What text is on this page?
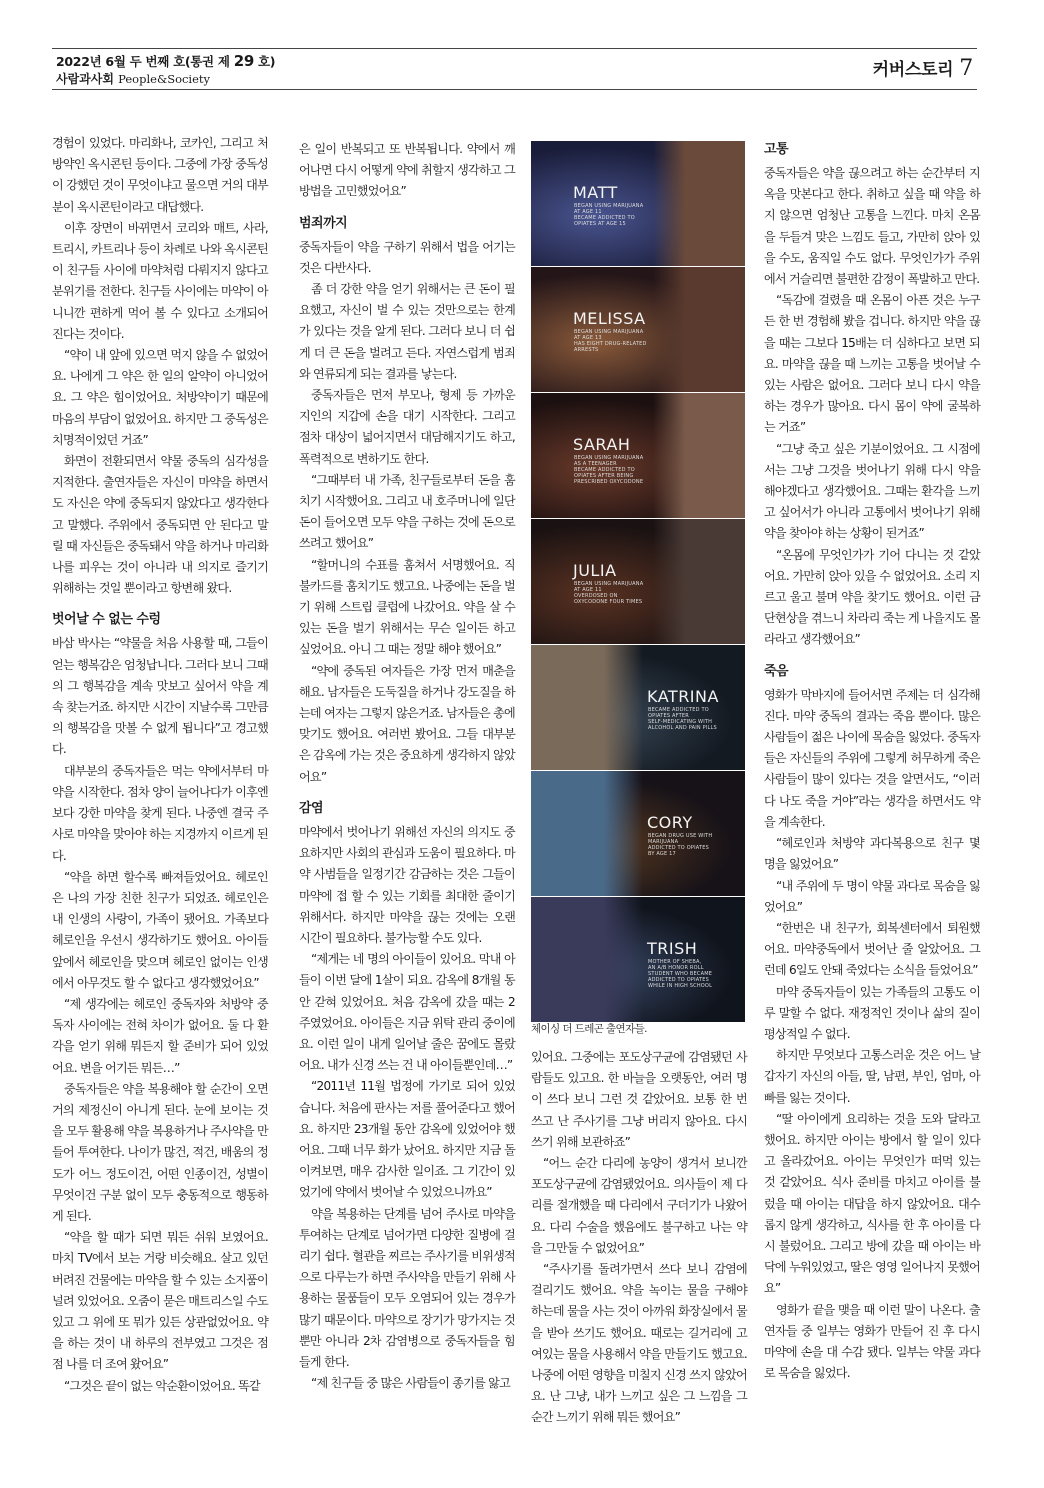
2022년 6월 두 번째 호(통권 제 29 호)
사람과사회 People&Society	커버스토리 7

경험이 있었다. 마리화나, 코카인, 그리고 처방약인 옥시콘틴 등이다. 그중에 가장 중독성이 강했던 것이 무엇이냐고 물으면 거의 대부분이 옥시콘틴이라고 대답했다.

이후 장면이 바뀌면서 코리와 매트, 사라, 트리시, 카트리나 등이 차례로 나와 옥시콘틴이 친구들 사이에 마약처럼 다뤄지지 않다고 분위기를 전한다. 친구들 사이에는 마약이 아니니깐 편하게 먹어 볼 수 있다고 소개되어 진다는 것이다.

“약이 내 앞에 있으면 먹지 않을 수 없었어요. 나에게 그 약은 한 일의 알약이 아니었어요. 그 약은 힘이었어요. 처방약이기 때문에 마음의 부담이 없었어요. 하지만 그 중독성은 치명적이었던 거죠”

화면이 전환되면서 약물 중독의 심각성을 지적한다. 출연자들은 자신이 마약을 하면서도 자신은 약에 중독되지 않았다고 생각한다고 말했다. 주위에서 중독되면 안 된다고 말릴 때 자신들은 중독돼서 약을 하거나 마리화나를 피우는 것이 아니라 내 의지로 즐기기 위해하는 것일 뿐이라고 항변해 왔다.

벗어날 수 없는 수렁

바삼 박사는 “약물을 처음 사용할 때, 그들이 얻는 행복감은 엄청납니다. 그러다 보니 그때의 그 행복감을 계속 맛보고 싶어서 약을 계속 찾는거죠. 하지만 시간이 지날수록 그만큼의 행복감을 맛볼 수 없게 됩니다”고 경고했다.

대부분의 중독자들은 먹는 약에서부터 마약을 시작한다. 점차 양이 늘어나다가 이후엔 보다 강한 마약을 찾게 된다. 나중엔 결국 주사로 마약을 맞아야 하는 지경까지 이르게 된다.

“약을 하면 할수록 빠져들었어요. 헤로인은 나의 가장 친한 친구가 되었죠. 헤로인은 내 인생의 사랑이, 가족이 됐어요. 가족보다 헤로인을 우선시 생각하기도 했어요. 아이들 앞에서 헤로인을 맞으며 헤로인 없이는 인생에서 아무것도 할 수 없다고 생각했었어요”

“제 생각에는 헤로인 중독자와 처방약 중독자 사이에는 전혀 차이가 없어요. 둘 다 환각을 얻기 위해 뭐든지 할 준비가 되어 있었어요. 변을 어기든 뭐든…”

중독자들은 약을 복용해야 할 순간이 오면 거의 제정신이 아니게 된다. 눈에 보이는 것을 모두 활용해 약을 복용하거나 주사약을 만들어 투여한다. 나이가 많건, 적건, 배움의 정도가 어느 정도이건, 어떤 인종이건, 성별이 무엇이건 구분 없이 모두 충동적으로 행동하게 된다.

“약을 할 때가 되면 뭐든 쉬워 보였어요. 마치 TV에서 보는 거랑 비슷해요. 살고 있던 버려진 건물에는 마약을 할 수 있는 소지품이 널려 있었어요. 오줌이 묻은 매트리스일 수도 있고 그 위에 또 뭐가 있든 상관없었어요. 약을 하는 것이 내 하루의 전부였고 그것은 점점 나를 더 조여 왔어요”

“그것은 끝이 없는 악순환이었어요. 똑같

은 일이 반복되고 또 반복됩니다. 약에서 깨어나면 다시 어떻게 약에 취할지 생각하고 그 방법을 고민했었어요”

범죄까지

중독자들이 약을 구하기 위해서 법을 어기는 것은 다반사다.

좀 더 강한 약을 얻기 위해서는 큰 돈이 필요했고, 자신이 벌 수 있는 것만으로는 한계가 있다는 것을 알게 된다. 그러다 보니 더 쉽게 더 큰 돈을 벌려고 든다. 자연스럽게 범죄와 연류되게 되는 결과를 낳는다.

중독자들은 먼저 부모나, 형제 등 가까운 지인의 지갑에 손을 대기 시작한다. 그리고 점차 대상이 넓어지면서 대담해지기도 하고, 폭력적으로 변하기도 한다.

“그때부터 내 가족, 친구들로부터 돈을 훔치기 시작했어요. 그리고 내 호주머니에 일단 돈이 들어오면 모두 약을 구하는 것에 돈으로 쓰려고 했어요”

“할머니의 수표를 훔쳐서 서명했어요. 직불카드를 훔치기도 했고요. 나중에는 돈을 벌기 위해 스트립 클럽에 나갔어요. 약을 살 수 있는 돈을 벌기 위해서는 무슨 일이든 하고 싶었어요. 아니 그 때는 정말 해야 했어요”

“약에 중독된 여자들은 가장 먼저 매춘을 해요. 남자들은 도둑질을 하거나 강도질을 하는데 여자는 그렇지 않은거죠. 남자들은 총에 맞기도 했어요. 여러번 봤어요. 그들 대부분은 감옥에 가는 것은 중요하게 생각하지 않았어요”

감염

마약에서 벗어나기 위해선 자신의 의지도 중요하지만 사회의 관심과 도움이 필요하다. 마약 사범들을 일정기간 감금하는 것은 그들이 마약에 접 할 수 있는 기회를 최대한 줄이기 위해서다. 하지만 마약을 끊는 것에는 오랜 시간이 필요하다. 불가능할 수도 있다.

“제게는 네 명의 아이들이 있어요. 막내 아들이 이번 달에 1살이 되요. 감옥에 8개월 동안 갇혀 있었어요. 처음 감옥에 갔을 때는 2주였었어요. 아이들은 지금 위탁 관리 중이에요. 이런 일이 내게 일어날 줄은 꿈에도 몰랐어요. 내가 신경 쓰는 건 내 아이들뿐인데…”

“2011년 11월 법정에 가기로 되어 있었습니다. 처음에 판사는 저를 풀어준다고 했어요. 하지만 23개월 동안 감옥에 있었어야 했어요. 그때 너무 화가 났어요. 하지만 지금 돌이켜보면, 매우 감사한 일이죠. 그 기간이 있었기에 약에서 벗어날 수 있었으니까요”

약을 복용하는 단계를 넘어 주사로 마약을 투여하는 단계로 넘어가면 다양한 질병에 걸리기 쉽다. 혈관을 찌르는 주사기를 비위생적으로 다루는가 하면 주사약을 만들기 위해 사용하는 물품들이 모두 오염되어 있는 경우가 많기 때문이다. 마약으로 장기가 망가지는 것뿐만 아니라 2차 감염병으로 중독자들을 힘들게 한다.

“제 친구들 중 많은 사람들이 종기를 앓고

MATT
BEGAN USING MARIJUANA
AT AGE 11
BECAME ADDICTED TO
OPIATES AT AGE 15
MELISSA
BEGAN USING MARIJUANA
AT AGE 13
HAS EIGHT DRUG-RELATED
ARRESTS
SARAH
BEGAN USING MARIJUANA
AS A TEENAGER
BECAME ADDICTED TO
OPIATES AFTER BEING
PRESCRIBED OXYCODONE
JULIA
BEGAN USING MARIJUANA
AT AGE 11
OVERDOSED ON
OXYCODONE FOUR TIMES
KATRINA
BECAME ADDICTED TO
OPIATES AFTER
SELF-MEDICATING WITH
ALCOHOL AND PAIN PILLS
CORY
BEGAN DRUG USE WITH
MARIJUANA
ADDICTED TO OPIATES
BY AGE 17
TRISH
MOTHER OF SHEBA,
AN A/B HONOR ROLL
STUDENT WHO BECAME
ADDICTED TO OPIATES
WHILE IN HIGH SCHOOL
체이싱 더 드레곤 출연자들.

있어요. 그중에는 포도상구균에 감염됐던 사람들도 있고요. 한 바늘을 오랫동안, 여러 명이 쓰다 보니 그런 것 같았어요. 보통 한 번 쓰고 난 주사기를 그냥 버리지 않아요. 다시 쓰기 위해 보관하죠”

“어느 순간 다리에 농양이 생겨서 보니깐 포도상구균에 감염됐었어요. 의사들이 제 다리를 절개했을 때 다리에서 구더기가 나왔어요. 다리 수술을 했음에도 불구하고 나는 약을 그만둘 수 없었어요”

“주사기를 돌려가면서 쓰다 보니 감염에 걸리기도 했어요. 약을 녹이는 물을 구해야 하는데 물을 사는 것이 아까워 화장실에서 물을 받아 쓰기도 했어요. 때로는 길거리에 고여있는 물을 사용해서 약을 만들기도 했고요. 나중에 어떤 영향을 미칠지 신경 쓰지 않았어요. 난 그냥, 내가 느끼고 싶은 그 느낌을 그 순간 느끼기 위해 뭐든 했어요”

고통

중독자들은 약을 끊으려고 하는 순간부터 지옥을 맛본다고 한다. 취하고 싶을 때 약을 하지 않으면 엄청난 고통을 느낀다. 마치 온몸을 두들겨 맞은 느낌도 들고, 가만히 앉아 있을 수도, 움직일 수도 없다. 무엇인가가 주위에서 거슬리면 불편한 감정이 폭발하고 만다.

“독감에 걸렸을 때 온몸이 아픈 것은 누구든 한 번 경험해 봤을 겁니다. 하지만 약을 끊을 때는 그보다 15배는 더 심하다고 보면 되요. 마약을 끊을 때 느끼는 고통을 벗어날 수 있는 사람은 없어요. 그러다 보니 다시 약을 하는 경우가 많아요. 다시 몸이 약에 굴복하는 거죠”

“그냥 죽고 싶은 기분이었어요. 그 시점에서는 그냥 그것을 벗어나기 위해 다시 약을 해야겠다고 생각했어요. 그때는 환각을 느끼고 싶어서가 아니라 고통에서 벗어나기 위해 약을 찾아야 하는 상황이 된거죠”

“온몸에 무엇인가가 기어 다니는 것 같았어요. 가만히 앉아 있을 수 없었어요. 소리 지르고 울고 불며 약을 찾기도 했어요. 이런 금단현상을 겪느니 차라리 죽는 게 나을지도 몰라라고 생각했어요”

죽음

영화가 막바지에 들어서면 주제는 더 심각해 진다. 마약 중독의 결과는 죽음 뿐이다. 많은 사람들이 젊은 나이에 목숨을 잃었다. 중독자들은 자신들의 주위에 그렇게 허무하게 죽은 사람들이 많이 있다는 것을 알면서도, “이러다 나도 죽을 거야”라는 생각을 하면서도 약을 계속한다.

“헤로인과 처방약 과다복용으로 친구 몇 명을 잃었어요”

“내 주위에 두 명이 약물 과다로 목숨을 잃었어요”

“한번은 내 친구가, 회복센터에서 퇴원했어요. 마약중독에서 벗어난 줄 알았어요. 그런데 6일도 안돼 죽었다는 소식을 들었어요”

마약 중독자들이 있는 가족들의 고통도 이루 말할 수 없다. 재정적인 것이나 삶의 질이 평상적일 수 없다.

하지만 무엇보다 고통스러운 것은 어느 날 갑자기 자신의 아들, 딸, 남편, 부인, 엄마, 아빠를 잃는 것이다.

“딸 아이에게 요리하는 것을 도와 달라고 했어요. 하지만 아이는 방에서 할 일이 있다고 올라갔어요. 아이는 무엇인가 떠먹 있는 것 같았어요. 식사 준비를 마치고 아이를 불렀을 때 아이는 대답을 하지 않았어요. 대수롭지 않게 생각하고, 식사를 한 후 아이를 다시 불렀어요. 그리고 방에 갔을 때 아이는 바닥에 누워있었고, 딸은 영영 일어나지 못했어요”

영화가 끝을 맺을 때 이런 말이 나온다. 출연자들 중 일부는 영화가 만들어 진 후 다시 마약에 손을 대 수감 됐다. 일부는 약물 과다로 목숨을 잃었다.
